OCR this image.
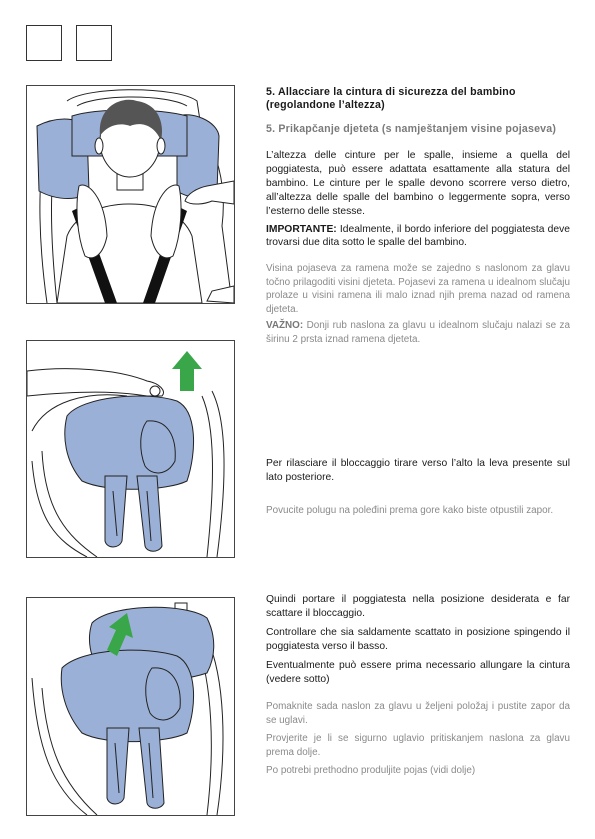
5. Allacciare la cintura di sicurezza del bambino (regolandone l’altezza)
5. Prikapčanje djeteta (s namještanjem visine pojaseva)

L’altezza delle cinture per le spalle, insieme a quella del poggiatesta, può essere adattata esattamente alla statura del bambino. Le cinture per le spalle devono scorrere verso dietro, all’altezza delle spalle del bambino o leggermente sopra, verso l’esterno delle stesse.

IMPORTANTE: Idealmente, il bordo inferiore del poggiatesta deve trovarsi due dita sotto le spalle del bambino.

Visina pojaseva za ramena može se zajedno s naslonom za glavu točno prilagoditi visini djeteta. Pojasevi za ramena u idealnom slučaju prolaze u visini ramena ili malo iznad njih prema nazad od ramena djeteta.

VAŽNO: Donji rub naslona za glavu u idealnom slučaju nalazi se za širinu 2 prsta iznad ramena djeteta.

Per rilasciare il bloccaggio tirare verso l’alto la leva presente sul lato posteriore.

Povucite polugu na poleđini prema gore kako biste otpustili zapor.

Quindi portare il poggiatesta nella posizione desiderata e far scattare il bloccaggio.

Controllare che sia saldamente scattato in posizione spingendo il poggiatesta verso il basso.

Eventualmente può essere prima necessario allungare la cintura (vedere sotto)

Pomaknite sada naslon za glavu u željeni položaj i pustite zapor da se uglavi.

Provjerite je li se sigurno uglavio pritiskanjem naslona za glavu prema dolje.

Po potrebi prethodno produljite pojas (vidi dolje)
